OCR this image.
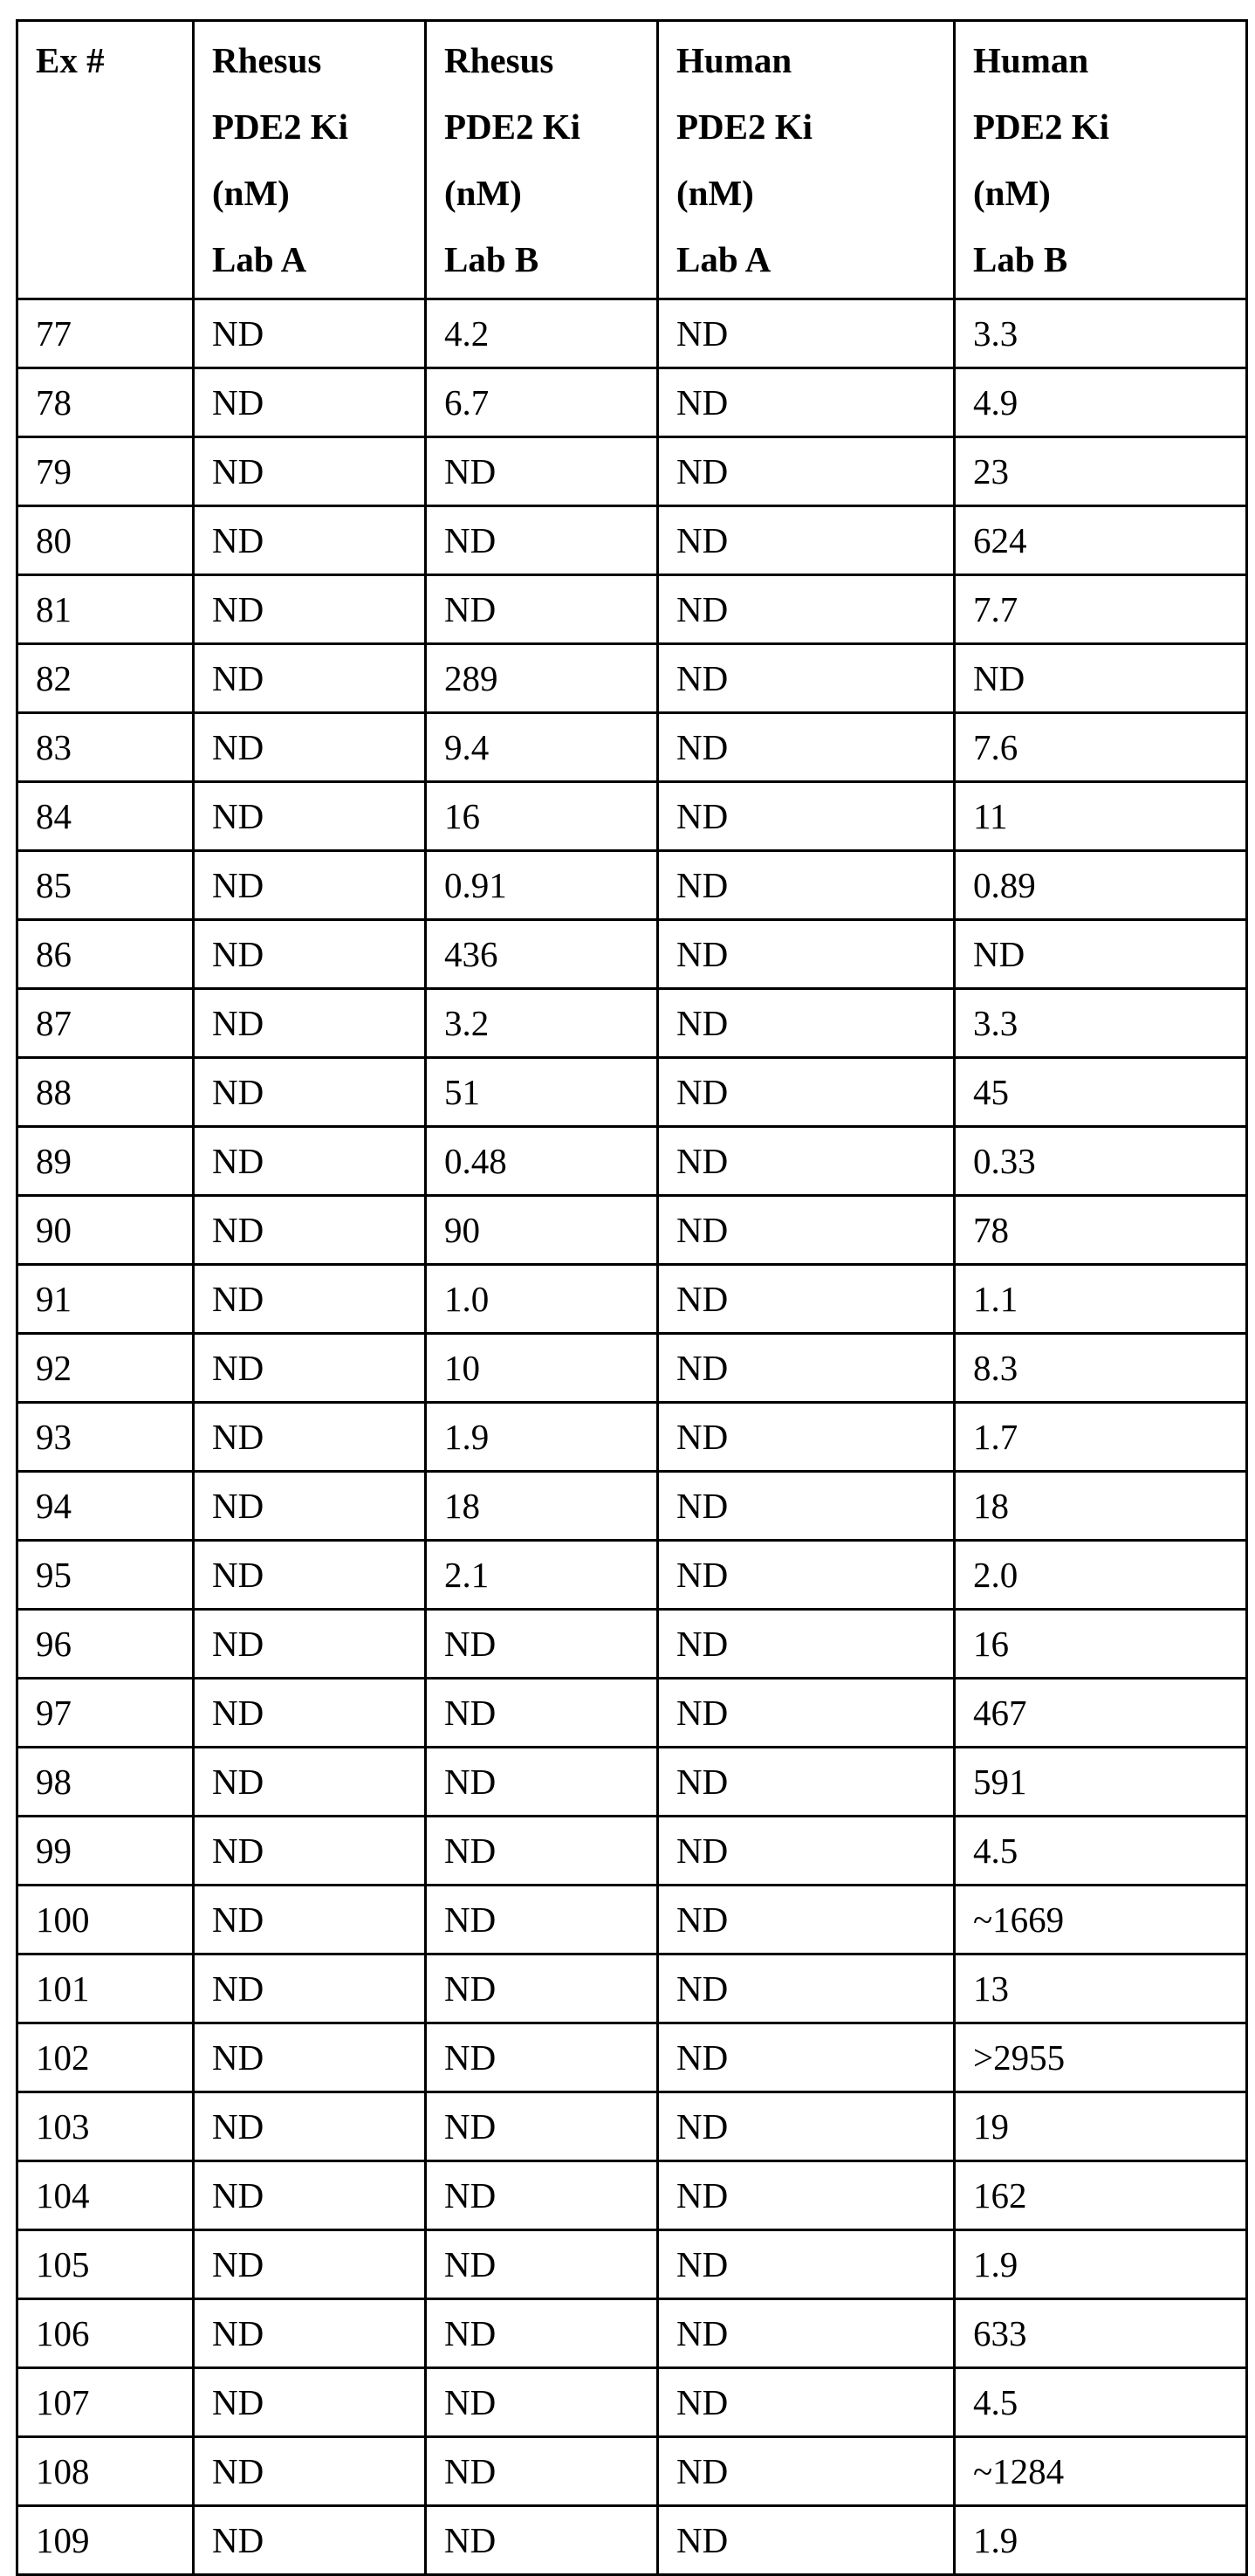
Ex #	Rhesus
PDE2 Ki
(nM)
Lab A

Rhesus
PDE2 Ki
(nM)
Lab B

Human
PDE2 Ki
(nM)
Lab A

Human
PDE2 Ki
(nM)
Lab B

77	ND	4.2	ND	3.3
78	ND	6.7	ND	4.9
79	ND	ND	ND	23
80	ND	ND	ND	624
81	ND	ND	ND	7.7
82	ND	289	ND	ND
83	ND	9.4	ND	7.6
84	ND	16	ND	11
85	ND	0.91	ND	0.89
86	ND	436	ND	ND
87	ND	3.2	ND	3.3
88	ND	51	ND	45
89	ND	0.48	ND	0.33
90	ND	90	ND	78
91	ND	1.0	ND	1.1
92	ND	10	ND	8.3
93	ND	1.9	ND	1.7
94	ND	18	ND	18
95	ND	2.1	ND	2.0
96	ND	ND	ND	16
97	ND	ND	ND	467
98	ND	ND	ND	591
99	ND	ND	ND	4.5
100	ND	ND	ND	~1669
101	ND	ND	ND	13
102	ND	ND	ND	>2955
103	ND	ND	ND	19
104	ND	ND	ND	162
105	ND	ND	ND	1.9
106	ND	ND	ND	633
107	ND	ND	ND	4.5
108	ND	ND	ND	~1284
109	ND	ND	ND	1.9
